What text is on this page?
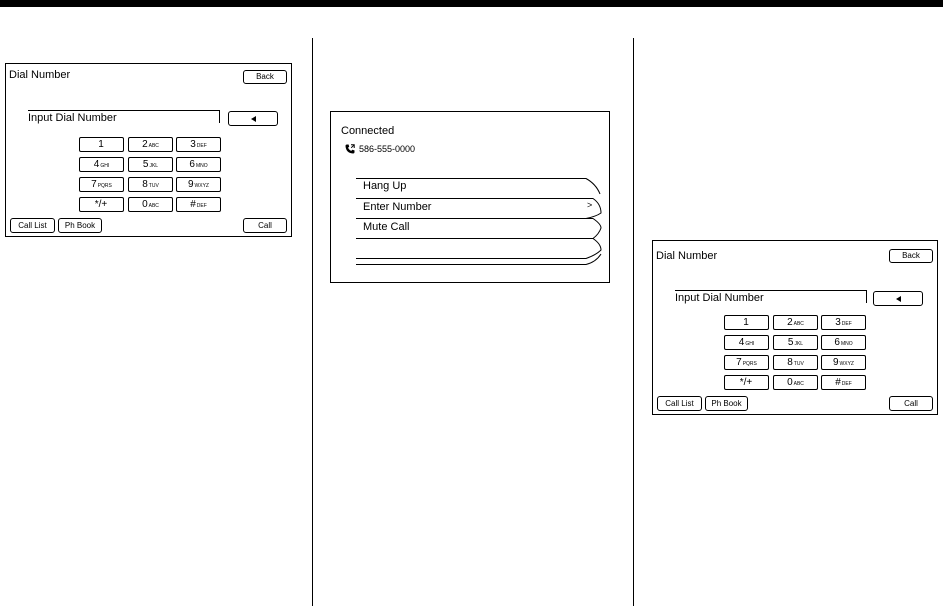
Dial Number	Back
Input Dial Number
1	2 ABC	3 DEF
4 GHI	5 JKL	6 MNO
7 PQRS	8 TUV	9 WXYZ
*/+	0 ABC	# DEF
Call List	Ph Book	Call
Connected
586-555-0000
Hang Up
Enter Number	>
Mute Call
Dial Number	Back
Input Dial Number
1	2 ABC	3 DEF
4 GHI	5 JKL	6 MNO
7 PQRS	8 TUV	9 WXYZ
*/+	0 ABC	# DEF
Call List	Ph Book	Call
